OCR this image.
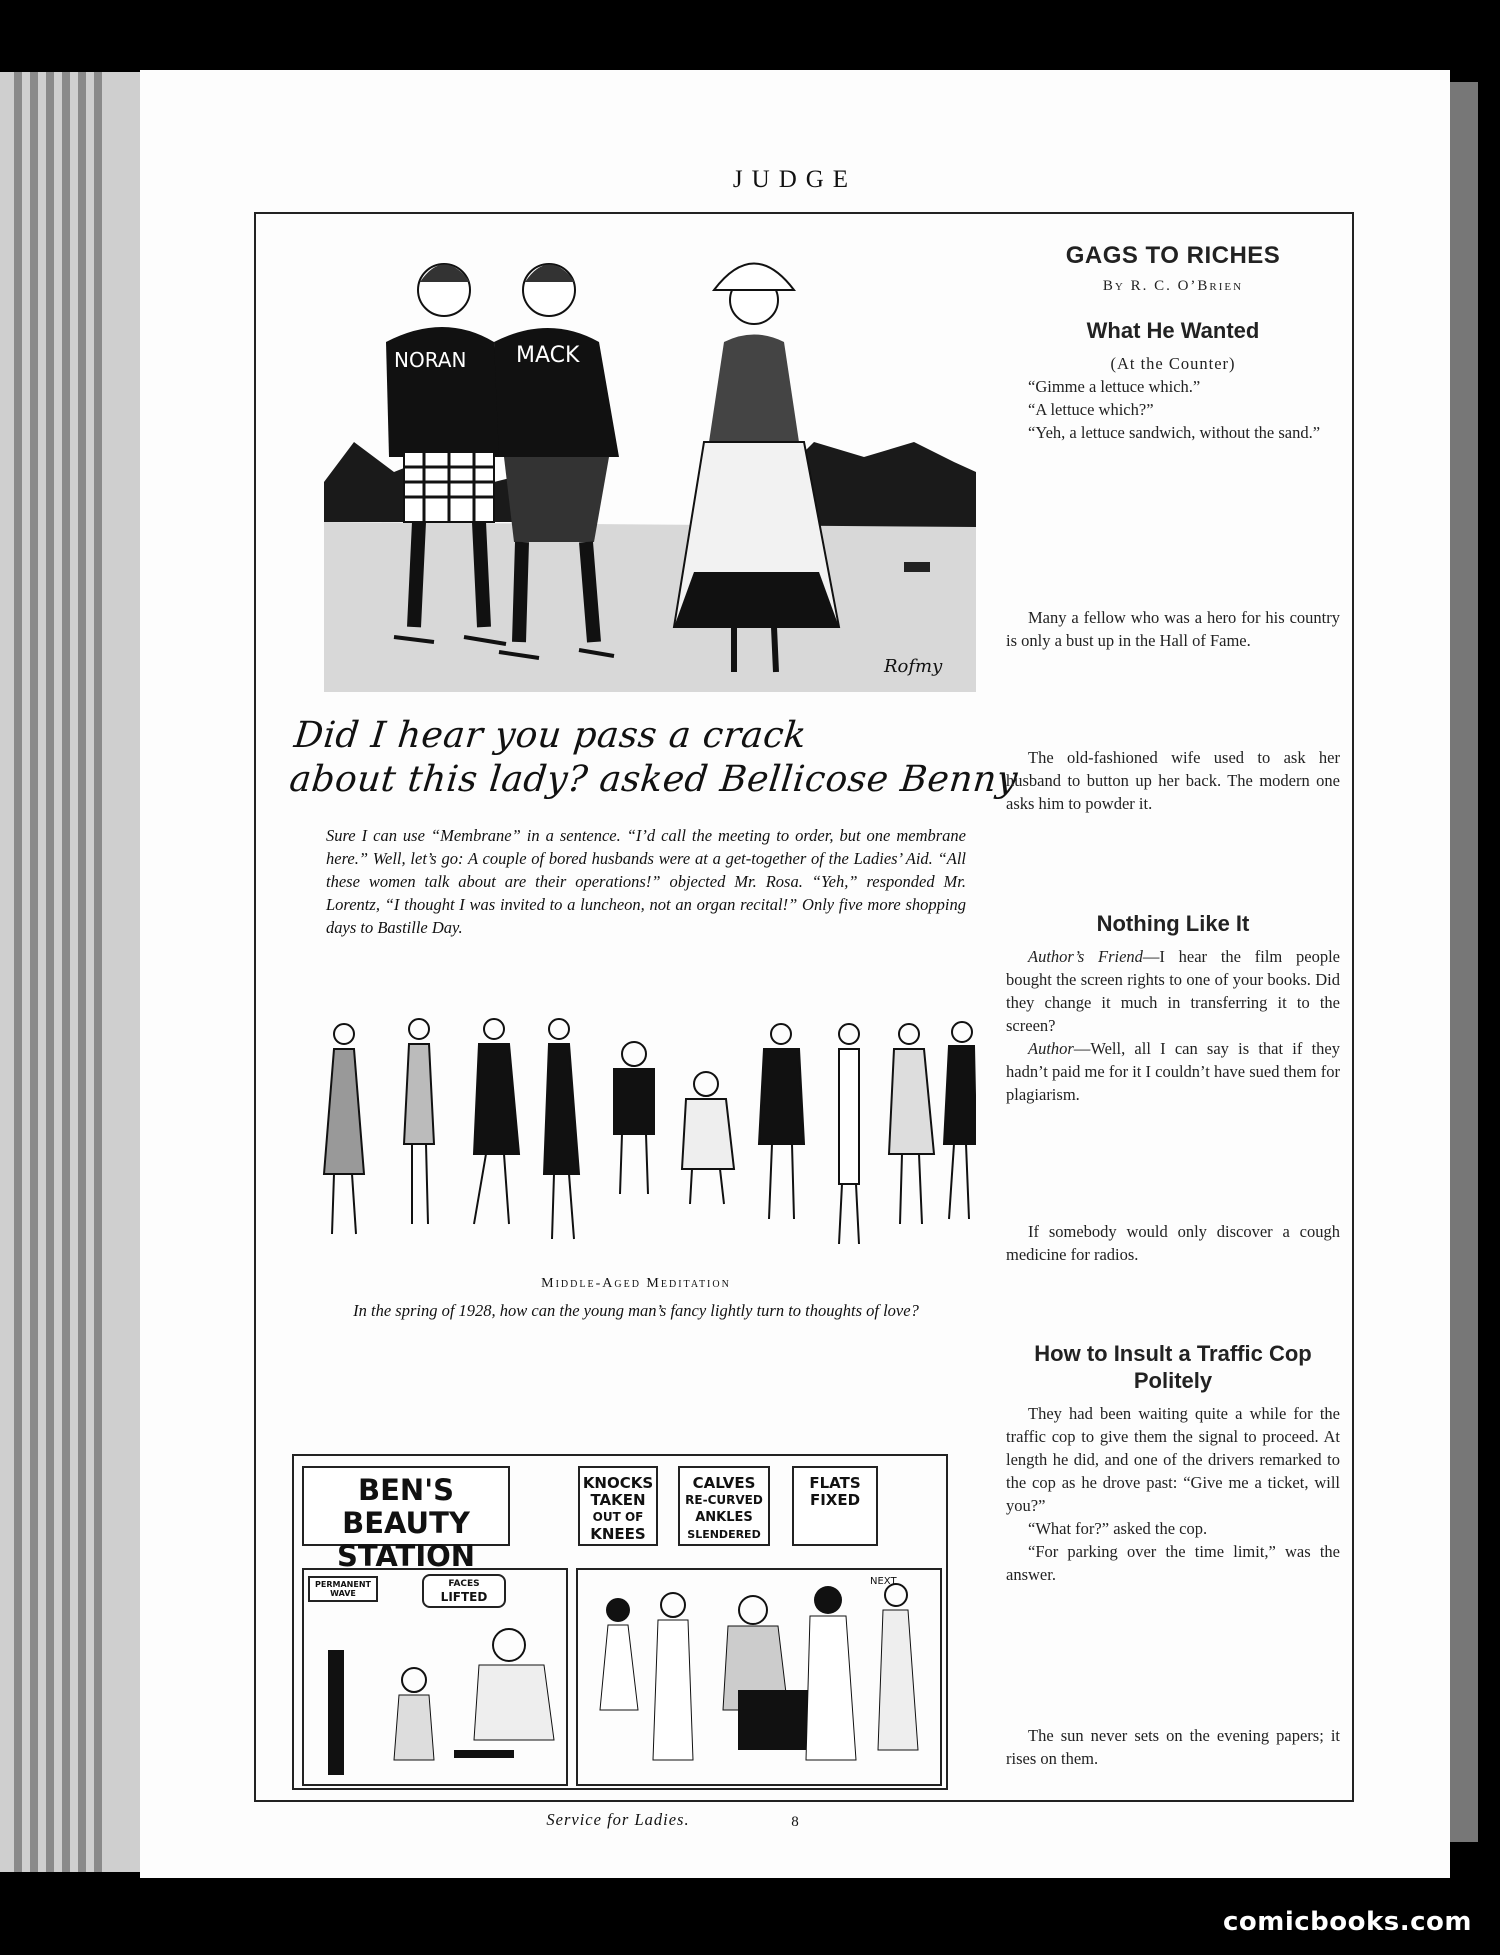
JUDGE
NORAN MACK
Rofmy
Did I hear you pass a crack
about this lady? asked Bellicose Benny
Sure I can use “Membrane” in a sentence. “I’d call the meeting to order, but one membrane here.” Well, let’s go: A couple of bored husbands were at a get-together of the Ladies’ Aid. “All these women talk about are their operations!” objected Mr. Rosa. “Yeh,” responded Mr. Lorentz, “I thought I was invited to a luncheon, not an organ recital!” Only five more shopping days to Bastille Day.
Middle-Aged Meditation
In the spring of 1928, how can the young man’s fancy lightly turn to thoughts of love?
BEN'S BEAUTY
STATION
KNOCKS
TAKEN
OUT OF
KNEES
CALVES
RE-CURVED
ANKLES
SLENDERED
FLATS
FIXED
PERMANENT
WAVE
FACES
LIFTED
NEXT
Service for Ladies.
GAGS TO RICHES
By R. C. O’Brien
What He Wanted

(At the Counter)

“Gimme a lettuce which.”

“A lettuce which?”

“Yeh, a lettuce sandwich, without the sand.”

Many a fellow who was a hero for his country is only a bust up in the Hall of Fame.

The old-fashioned wife used to ask her husband to button up her back. The modern one asks him to powder it.

Nothing Like It

Author’s Friend—I hear the film people bought the screen rights to one of your books. Did they change it much in transferring it to the screen?

Author—Well, all I can say is that if they hadn’t paid me for it I couldn’t have sued them for plagiarism.

If somebody would only discover a cough medicine for radios.

How to Insult a Traffic Cop Politely

They had been waiting quite a while for the traffic cop to give them the signal to proceed. At length he did, and one of the drivers remarked to the cop as he drove past: “Give me a ticket, will you?”

“What for?” asked the cop.

“For parking over the time limit,” was the answer.

The sun never sets on the evening papers; it rises on them.

8
comicbooks.com
